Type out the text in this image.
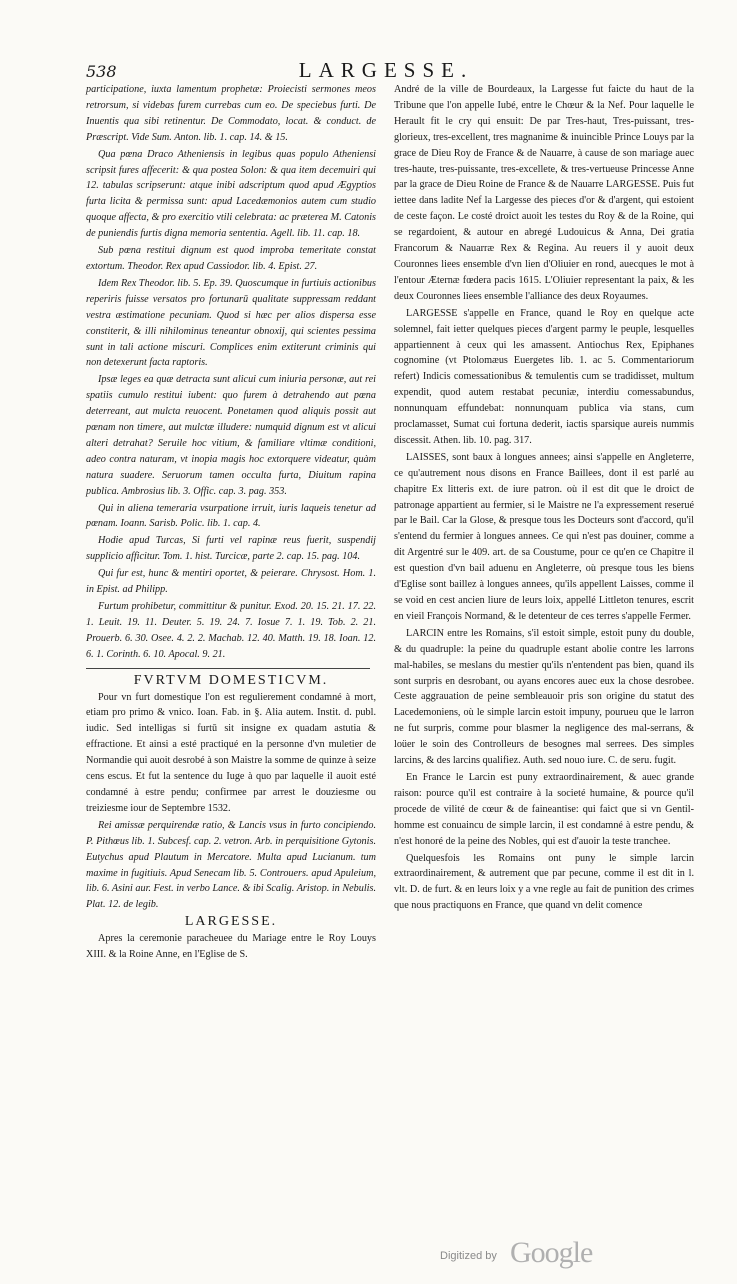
538	LARGESSE.

participatione, iuxta lamentum prophetæ: Proiecisti sermones meos retrorsum, si videbas furem currebas cum eo. De speciebus furti. De Inuentis qua sibi retinentur. De Commodato, locat. & conduct. de Præscript. Vide Sum. Anton. lib. 1. cap. 14. & 15.

Qua pœna Draco Atheniensis in legibus quas populo Atheniensi scripsit fures affecerit: & qua postea Solon: & qua item decemuiri qui 12. tabulas scripserunt: atque inibi adscriptum quod apud Ægyptios furta licita & permissa sunt: apud Lacedæmonios autem cum studio quoque affecta, & pro exercitio vtili celebrata: ac præterea M. Catonis de puniendis furtis digna memoria sententia. Agell. lib. 11. cap. 18.

Sub pœna restitui dignum est quod improba temeritate constat extortum. Theodor. Rex apud Cassiodor. lib. 4. Epist. 27.

Idem Rex Theodor. lib. 5. Ep. 39. Quoscumque in furtiuis actionibus reperiris fuisse versatos pro fortunarū qualitate suppressam reddant vestra æstimatione pecuniam. Quod si hæc per alios dispersa esse constiterit, & illi nihilominus teneantur obnoxij, qui scientes pessima sunt in tali actione miscuri. Complices enim extiterunt criminis qui non detexerunt facta raptoris.

Ipsæ leges ea quæ detracta sunt alicui cum iniuria personæ, aut rei spatiis cumulo restitui iubent: quo furem à detrahendo aut pœna deterreant, aut mulcta reuocent. Ponetamen quod aliquis possit aut pœnam non timere, aut mulctæ illudere: numquid dignum est vt alicui alteri detrahat? Seruile hoc vitium, & familiare vltimæ conditioni, adeo contra naturam, vt inopia magis hoc extorquere videatur, quàm natura suadere. Seruorum tamen occulta furta, Diuitum rapina publica. Ambrosius lib. 3. Offic. cap. 3. pag. 353.

Qui in aliena temeraria vsurpatione irruit, iuris laqueis tenetur ad pœnam. Ioann. Sarisb. Polic. lib. 1. cap. 4.

Hodie apud Turcas, Si furti vel rapinæ reus fuerit, suspendij supplicio afficitur. Tom. 1. hist. Turcicæ, parte 2. cap. 15. pag. 104.

Qui fur est, hunc & mentiri oportet, & peierare. Chrysost. Hom. 1. in Epist. ad Philipp.

Furtum prohibetur, committitur & punitur. Exod. 20. 15. 21. 17. 22. 1. Leuit. 19. 11. Deuter. 5. 19. 24. 7. Iosue 7. 1. 19. Tob. 2. 21. Prouerb. 6. 30. Osee. 4. 2. 2. Machab. 12. 40. Matth. 19. 18. Ioan. 12. 6. 1. Corinth. 6. 10. Apocal. 9. 21.

FVRTVM DOMESTICVM.

Pour vn furt domestique l'on est regulierement condamné à mort, etiam pro primo & vnico. Ioan. Fab. in §. Alia autem. Instit. d. publ. iudic. Sed intelligas si furtū sit insigne ex quadam astutia & effractione. Et ainsi a esté practiqué en la personne d'vn muletier de Normandie qui auoit desrobé à son Maistre la somme de quinze à seize cens escus. Et fut la sentence du Iuge à quo par laquelle il auoit esté condamné à estre pendu; confirmee par arrest le douziesme ou treiziesme iour de Septembre 1532.

Rei amissæ perquirendæ ratio, & Lancis vsus in furto concipiendo. P. Pithœus lib. 1. Subcesf. cap. 2. vetron. Arb. in perquisitione Gytonis. Eutychus apud Plautum in Mercatore. Multa apud Lucianum. tum maxime in fugitiuis. Apud Senecam lib. 5. Controuers. apud Apuleium, lib. 6. Asini aur. Fest. in verbo Lance. & ibi Scalig. Aristop. in Nebulis. Plat. 12. de legib.

LARGESSE.

Apres la ceremonie paracheuee du Mariage entre le Roy Louys XIII. & la Roine Anne, en l'Eglise de S.

André de la ville de Bourdeaux, la Largesse fut faicte du haut de la Tribune que l'on appelle Iubé, entre le Chœur & la Nef. Pour laquelle le Herault fit le cry qui ensuit: De par Tres-haut, Tres-puissant, tres-glorieux, tres-excellent, tres magnanime & inuincible Prince Louys par la grace de Dieu Roy de France & de Nauarre, à cause de son mariage auec tres-haute, tres-puissante, tres-excellete, & tres-vertueuse Princesse Anne par la grace de Dieu Roine de France & de Nauarre LARGESSE. Puis fut iettee dans ladite Nef la Largesse des pieces d'or & d'argent, qui estoient de ceste façon. Le costé droict auoit les testes du Roy & de la Roine, qui se regardoient, & autour en abregé Ludouicus & Anna, Dei gratia Francorum & Nauarræ Rex & Regina. Au reuers il y auoit deux Couronnes liees ensemble d'vn lien d'Oliuier en rond, auecques le mot à l'entour Æternæ fœdera pacis 1615. L'Oliuier representant la paix, & les deux Couronnes liees ensemble l'alliance des deux Royaumes.

LARGESSE s'appelle en France, quand le Roy en quelque acte solemnel, fait ietter quelques pieces d'argent parmy le peuple, lesquelles appartiennent à ceux qui les amassent. Antiochus Rex, Epiphanes cognomine (vt Ptolomæus Euergetes lib. 1. ac 5. Commentariorum refert) Indicis comessationibus & temulentis cum se tradidisset, multum expendit, quod autem restabat pecuniæ, interdiu comessabundus, nonnunquam effundebat: nonnunquam publica via stans, cum proclamasset, Sumat cui fortuna dederit, iactis sparsique aureis nummis discessit. Athen. lib. 10. pag. 317.

LAISSES, sont baux à longues annees; ainsi s'appelle en Angleterre, ce qu'autrement nous disons en France Baillees, dont il est parlé au chapitre Ex litteris ext. de iure patron. où il est dit que le droict de patronage appartient au fermier, si le Maistre ne l'a expressement reserué par le Bail. Car la Glose, & presque tous les Docteurs sont d'accord, qu'il s'entend du fermier à longues annees. Ce qui n'est pas douiner, comme a dit Argentré sur le 409. art. de sa Coustume, pour ce qu'en ce Chapitre il est question d'vn bail aduenu en Angleterre, où presque tous les biens d'Eglise sont baillez à longues annees, qu'ils appellent Laisses, comme il se void en cest ancien liure de leurs loix, appellé Littleton tenures, escrit en vieil François Normand, & le detenteur de ces terres s'appelle Fermer.

LARCIN entre les Romains, s'il estoit simple, estoit puny du double, & du quadruple: la peine du quadruple estant abolie contre les larrons mal-habiles, se meslans du mestier qu'ils n'entendent pas bien, quand ils sont surpris en desrobant, ou ayans encores auec eux la chose desrobee. Ceste aggrauation de peine sembleauoir pris son origine du statut des Lacedemoniens, où le simple larcin estoit impuny, pourueu que le larron ne fut surpris, comme pour blasmer la negligence des mal-serrans, & loüer le soin des Controlleurs de besognes mal serrees. Des simples larcins, & des larcins qualifiez. Auth. sed nouo iure. C. de seru. fugit.

En France le Larcin est puny extraordinairement, & auec grande raison: pource qu'il est contraire à la societé humaine, & pource qu'il procede de vilité de cœur & de faineantise: qui faict que si vn Gentil-homme est conuaincu de simple larcin, il est condamné à estre pendu, & n'est honoré de la peine des Nobles, qui est d'auoir la teste tranchee.

Quelquesfois les Romains ont puny le simple larcin extraordinairement, & autrement que par pecune, comme il est dit in l. vlt. D. de furt. & en leurs loix y a vne regle au fait de punition des crimes que nous practiquons en France, que quand vn delit comence

Digitized by Google
